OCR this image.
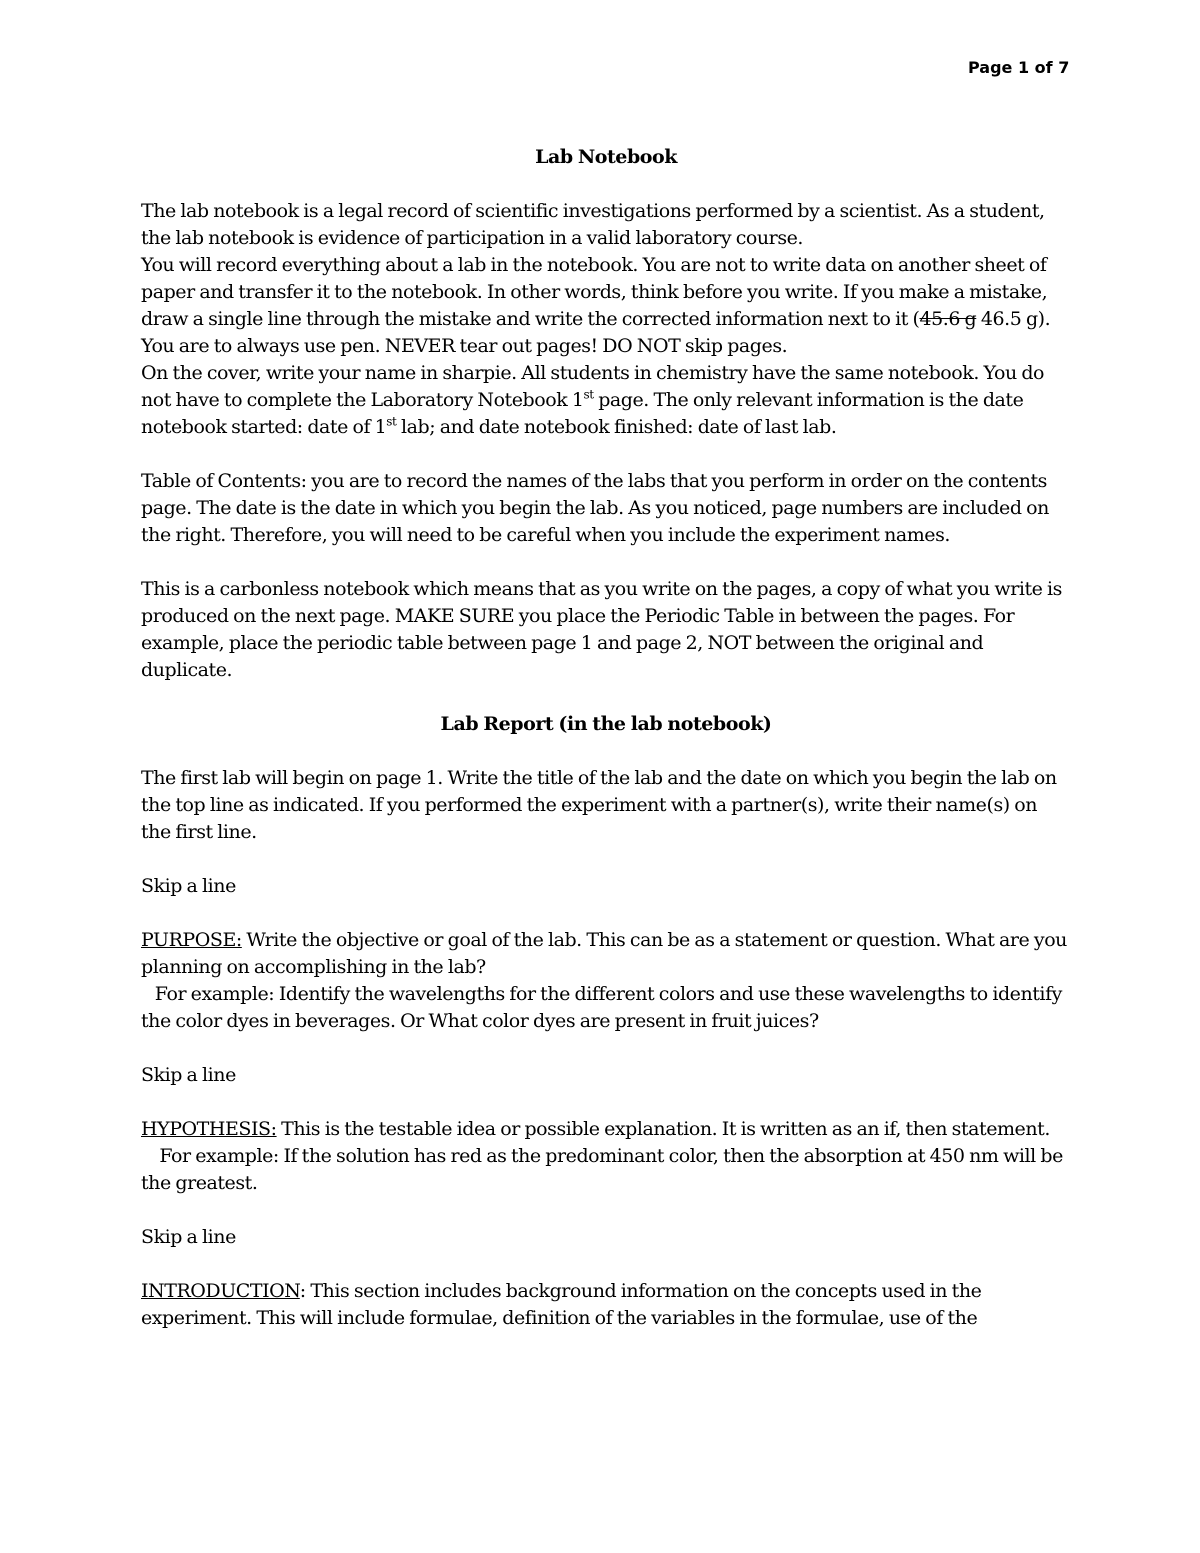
Page 1 of 7

Lab Notebook

The lab notebook is a legal record of scientific investigations performed by a scientist. As a student, the lab notebook is evidence of participation in a valid laboratory course.

You will record everything about a lab in the notebook. You are not to write data on another sheet of paper and transfer it to the notebook. In other words, think before you write. If you make a mistake, draw a single line through the mistake and write the corrected information next to it (45.6 g 46.5 g). You are to always use pen. NEVER tear out pages! DO NOT skip pages.

On the cover, write your name in sharpie. All students in chemistry have the same notebook. You do not have to complete the Laboratory Notebook 1st page. The only relevant information is the date notebook started: date of 1st lab; and date notebook finished: date of last lab.

Table of Contents: you are to record the names of the labs that you perform in order on the contents page. The date is the date in which you begin the lab. As you noticed, page numbers are included on the right. Therefore, you will need to be careful when you include the experiment names.

This is a carbonless notebook which means that as you write on the pages, a copy of what you write is produced on the next page. MAKE SURE you place the Periodic Table in between the pages. For example, place the periodic table between page 1 and page 2, NOT between the original and duplicate.

Lab Report (in the lab notebook)

The first lab will begin on page 1. Write the title of the lab and the date on which you begin the lab on the top line as indicated. If you performed the experiment with a partner(s), write their name(s) on the first line.

Skip a line

PURPOSE: Write the objective or goal of the lab. This can be as a statement or question. What are you planning on accomplishing in the lab?

For example: Identify the wavelengths for the different colors and use these wavelengths to identify the color dyes in beverages. Or What color dyes are present in fruit juices?

Skip a line

HYPOTHESIS: This is the testable idea or possible explanation. It is written as an if, then statement.

For example: If the solution has red as the predominant color, then the absorption at 450 nm will be the greatest.

Skip a line

INTRODUCTION: This section includes background information on the concepts used in the experiment. This will include formulae, definition of the variables in the formulae, use of the
